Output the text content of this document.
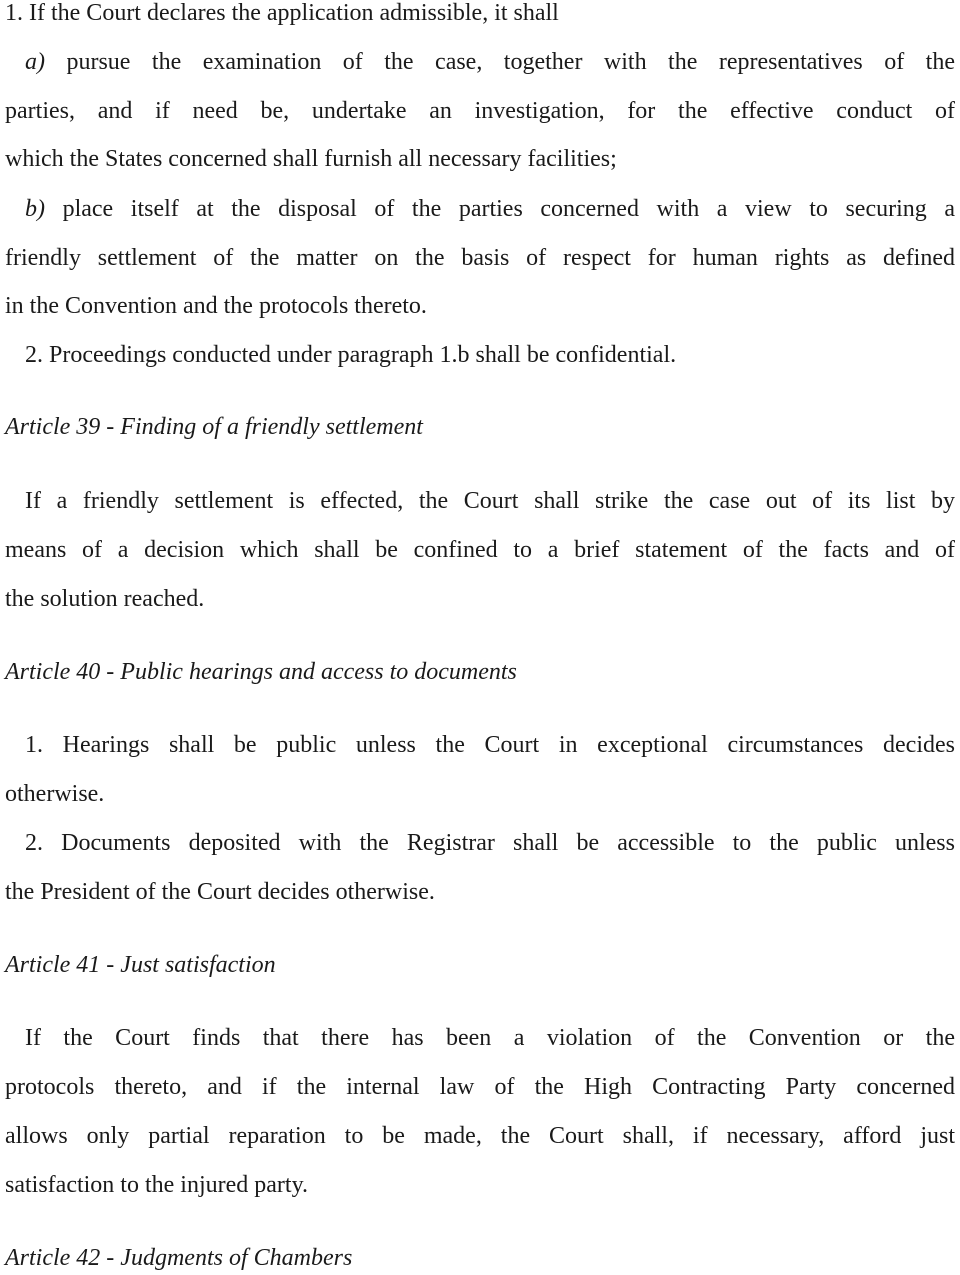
1. If the Court declares the application admissible, it shall
a) pursue the examination of the case, together with the representatives of the
parties, and if need be, undertake an investigation, for the effective conduct of
which the States concerned shall furnish all necessary facilities;
b) place itself at the disposal of the parties concerned with a view to securing a
friendly settlement of the matter on the basis of respect for human rights as defined
in the Convention and the protocols thereto.
2. Proceedings conducted under paragraph 1.b shall be confidential.
Article 39 - Finding of a friendly settlement
If a friendly settlement is effected, the Court shall strike the case out of its list by
means of a decision which shall be confined to a brief statement of the facts and of
the solution reached.
Article 40 - Public hearings and access to documents
1. Hearings shall be public unless the Court in exceptional circumstances decides
otherwise.
2. Documents deposited with the Registrar shall be accessible to the public unless
the President of the Court decides otherwise.
Article 41 - Just satisfaction
If the Court finds that there has been a violation of the Convention or the
protocols thereto, and if the internal law of the High Contracting Party concerned
allows only partial reparation to be made, the Court shall, if necessary, afford just
satisfaction to the injured party.
Article 42 - Judgments of Chambers
